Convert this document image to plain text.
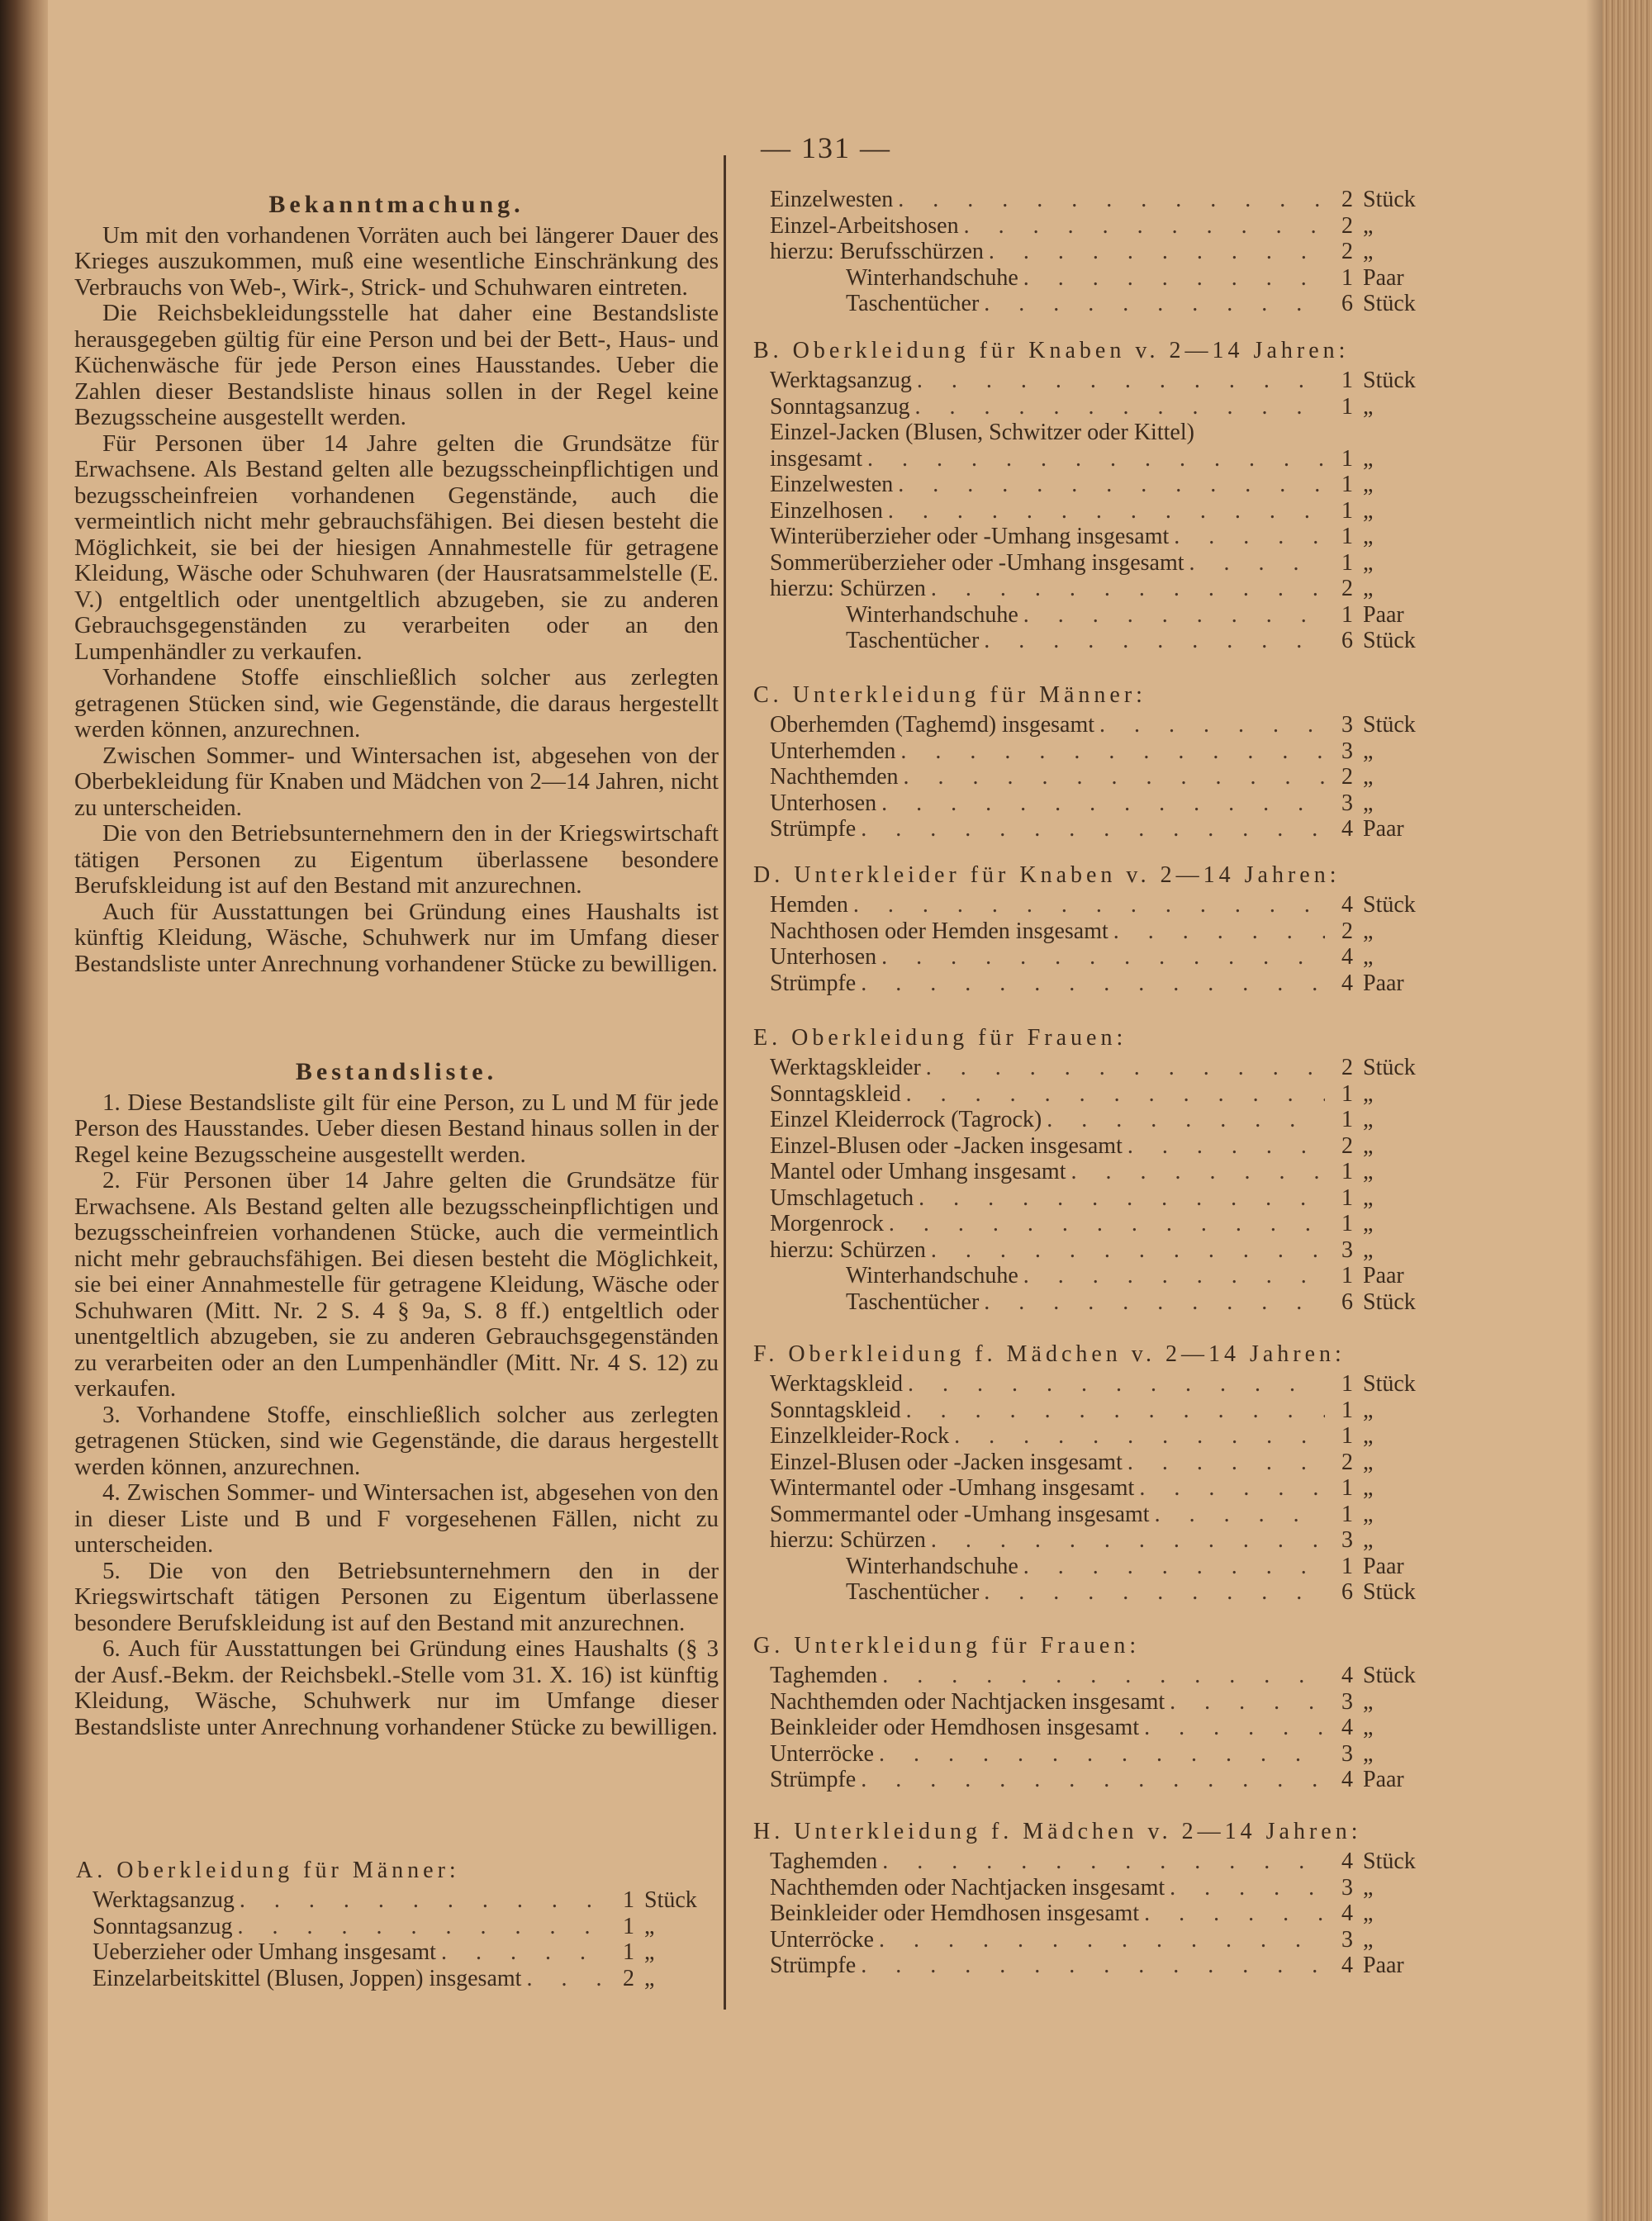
— 131 —
Bekanntmachung.

Um mit den vorhandenen Vorräten auch bei längerer Dauer des Krieges auszukommen, muß eine wesentliche Einschränkung des Verbrauchs von Web-, Wirk-, Strick- und Schuhwaren eintreten.

Die Reichsbekleidungsstelle hat daher eine Bestandsliste herausgegeben gültig für eine Person und bei der Bett-, Haus- und Küchenwäsche für jede Person eines Hausstandes. Ueber die Zahlen dieser Bestandsliste hinaus sollen in der Regel keine Bezugsscheine ausgestellt werden.

Für Personen über 14 Jahre gelten die Grundsätze für Erwachsene. Als Bestand gelten alle bezugsscheinpflichtigen und bezugsscheinfreien vorhandenen Gegenstände, auch die vermeintlich nicht mehr gebrauchsfähigen. Bei diesen besteht die Möglichkeit, sie bei der hiesigen Annahmestelle für getragene Kleidung, Wäsche oder Schuhwaren (der Hausratsammelstelle (E. V.) entgeltlich oder unentgeltlich abzugeben, sie zu anderen Gebrauchsgegenständen zu verarbeiten oder an den Lumpenhändler zu verkaufen.

Vorhandene Stoffe einschließlich solcher aus zerlegten getragenen Stücken sind, wie Gegenstände, die daraus hergestellt werden können, anzurechnen.

Zwischen Sommer- und Wintersachen ist, abgesehen von der Oberbekleidung für Knaben und Mädchen von 2—14 Jahren, nicht zu unterscheiden.

Die von den Betriebsunternehmern den in der Kriegswirtschaft tätigen Personen zu Eigentum überlassene besondere Berufskleidung ist auf den Bestand mit anzurechnen.

Auch für Ausstattungen bei Gründung eines Haushalts ist künftig Kleidung, Wäsche, Schuhwerk nur im Umfang dieser Bestandsliste unter Anrechnung vorhandener Stücke zu bewilligen.

Bestandsliste.

1. Diese Bestandsliste gilt für eine Person, zu L und M für jede Person des Hausstandes. Ueber diesen Bestand hinaus sollen in der Regel keine Bezugsscheine ausgestellt werden.

2. Für Personen über 14 Jahre gelten die Grundsätze für Erwachsene. Als Bestand gelten alle bezugsscheinpflichtigen und bezugsscheinfreien vorhandenen Stücke, auch die vermeintlich nicht mehr gebrauchsfähigen. Bei diesen besteht die Möglichkeit, sie bei einer Annahmestelle für getragene Kleidung, Wäsche oder Schuhwaren (Mitt. Nr. 2 S. 4 § 9a, S. 8 ff.) entgeltlich oder unentgeltlich abzugeben, sie zu anderen Gebrauchsgegenständen zu verarbeiten oder an den Lumpenhändler (Mitt. Nr. 4 S. 12) zu verkaufen.

3. Vorhandene Stoffe, einschließlich solcher aus zerlegten getragenen Stücken, sind wie Gegenstände, die daraus hergestellt werden können, anzurechnen.

4. Zwischen Sommer- und Wintersachen ist, abgesehen von den in dieser Liste und B und F vorgesehenen Fällen, nicht zu unterscheiden.

5. Die von den Betriebsunternehmern den in der Kriegswirtschaft tätigen Personen zu Eigentum überlassene besondere Berufskleidung ist auf den Bestand mit anzurechnen.

6. Auch für Ausstattungen bei Gründung eines Haushalts (§ 3 der Ausf.-Bekm. der Reichsbekl.-Stelle vom 31. X. 16) ist künftig Kleidung, Wäsche, Schuhwerk nur im Umfange dieser Bestandsliste unter Anrechnung vorhandener Stücke zu bewilligen.

A. Oberkleidung für Männer:
Werktagsanzug . . .	1 Stück
Sonntagsanzug . . .	1 „
Ueberzieher oder Umhang insgesamt . . .	1 „
Einzelarbeitskittel (Blusen, Joppen) insgesamt . . .	2 „
Einzelwesten . . .	2 Stück
Einzel-Arbeitshosen . . .	2 „
hierzu: Berufsschürzen . . .	2 „
Winterhandschuhe . . .	1 Paar
Taschentücher . . .	6 Stück
B. Oberkleidung für Knaben v. 2—14 Jahren:
Werktagsanzug . . .	1 Stück
Sonntagsanzug . . .	1 „
Einzel-Jacken (Blusen, Schwitzer oder Kittel)
insgesamt . . .	1 „
Einzelwesten . . .	1 „
Einzelhosen . . .	1 „
Winterüberzieher oder -Umhang insgesamt . . .	1 „
Sommerüberzieher oder -Umhang insgesamt . . .	1 „
hierzu: Schürzen . . .	2 „
Winterhandschuhe . . .	1 Paar
Taschentücher . . .	6 Stück
C. Unterkleidung für Männer:
Oberhemden (Taghemd) insgesamt . . .	3 Stück
Unterhemden . . .	3 „
Nachthemden . . .	2 „
Unterhosen . . .	3 „
Strümpfe . . .	4 Paar
D. Unterkleider für Knaben v. 2—14 Jahren:
Hemden . . .	4 Stück
Nachthosen oder Hemden insgesamt . . .	2 „
Unterhosen . . .	4 „
Strümpfe . . .	4 Paar
E. Oberkleidung für Frauen:
Werktagskleider . . .	2 Stück
Sonntagskleid . . .	1 „
Einzel Kleiderrock (Tagrock) . . .	1 „
Einzel-Blusen oder -Jacken insgesamt . . .	2 „
Mantel oder Umhang insgesamt . . .	1 „
Umschlagetuch . . .	1 „
Morgenrock . . .	1 „
hierzu: Schürzen . . .	3 „
Winterhandschuhe . . .	1 Paar
Taschentücher . . .	6 Stück
F. Oberkleidung f. Mädchen v. 2—14 Jahren:
Werktagskleid . . .	1 Stück
Sonntagskleid . . .	1 „
Einzelkleider-Rock . . .	1 „
Einzel-Blusen oder -Jacken insgesamt . . .	2 „
Wintermantel oder -Umhang insgesamt . . .	1 „
Sommermantel oder -Umhang insgesamt . . .	1 „
hierzu: Schürzen . . .	3 „
Winterhandschuhe . . .	1 Paar
Taschentücher . . .	6 Stück
G. Unterkleidung für Frauen:
Taghemden . . .	4 Stück
Nachthemden oder Nachtjacken insgesamt . . .	3 „
Beinkleider oder Hemdhosen insgesamt . . .	4 „
Unterröcke . . .	3 „
Strümpfe . . .	4 Paar
H. Unterkleidung f. Mädchen v. 2—14 Jahren:
Taghemden . . .	4 Stück
Nachthemden oder Nachtjacken insgesamt . . .	3 „
Beinkleider oder Hemdhosen insgesamt . . .	4 „
Unterröcke . . .	3 „
Strümpfe . . .	4 Paar
